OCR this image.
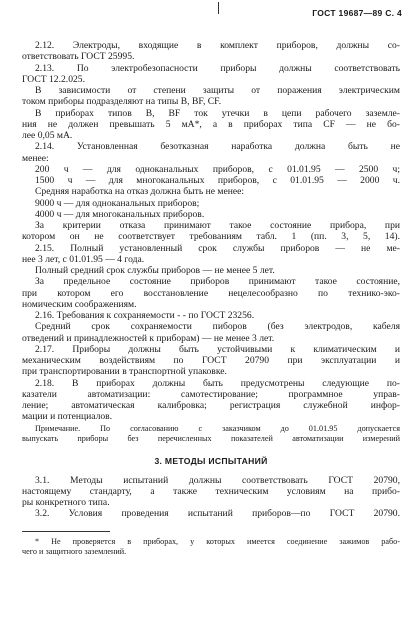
ГОСТ 19687—89 С. 4
2.12. Электроды, входящие в комплект приборов, должны со-
ответствовать ГОСТ 25995.
2.13. По электробезопасности приборы должны соответствовать
ГОСТ 12.2.025.
В зависимости от степени защиты от поражения электрическим
током приборы подразделяют на типы В, BF, CF.
В приборах типов В, BF ток утечки в цепи рабочего заземле-
ния не должен превышать 5 мА*, а в приборах типа CF — не бо-
лее 0,05 мА.
2.14. Установленная безотказная наработка должна быть не
менее:
200 ч — для одноканальных приборов, с 01.01.95 — 2500 ч;
1500 ч — для многоканальных приборов, с 01.01.95 — 2000 ч.
Средняя наработка на отказ должна быть не менее:
9000 ч — для одноканальных приборов;
4000 ч — для многоканальных приборов.
За критерии отказа принимают такое состояние прибора, при
котором он не соответствует требованиям табл. 1 (пп. 3, 5, 14).
2.15. Полный установленный срок службы приборов — не ме-
нее 3 лет, с 01.01.95 — 4 года.
Полный средний срок службы приборов — не менее 5 лет.
За предельное состояние приборов принимают такое состояние,
при котором его восстановление нецелесообразно по технико-эко-
номическим соображениям.
2.16. Требования к сохраняемости - - по ГОСТ 23256.
Средний срок сохраняемости пиборов (без электродов, кабеля
отведений и принадлежностей к приборам) — не менее 3 лет.
2.17. Приборы должны быть устойчивыми к климатическим и
механическим воздействиям по ГОСТ 20790 при эксплуатации и
при транспортировании в транспортной упаковке.
2.18. В приборах должны быть предусмотрены следующие по-
казатели автоматизации: самотестирование; программное управ-
ление; автоматическая калибровка; регистрация служебной инфор-
мации и потенциалов.
Примечание. По согласованию с заказчиком до 01.01.95 допускается
выпускать приборы без перечисленных показателей автоматизации измерений
3. МЕТОДЫ ИСПЫТАНИЙ
3.1. Методы испытаний должны соответствовать ГОСТ 20790,
настоящему стандарту, а также техническим условиям на прибо-
ры конкретного типа.
3.2. Условия проведения испытаний приборов—по ГОСТ 20790.
* Не проверяется в приборах, у которых имеется соединение зажимов рабо-
чего и защитного заземлений.
